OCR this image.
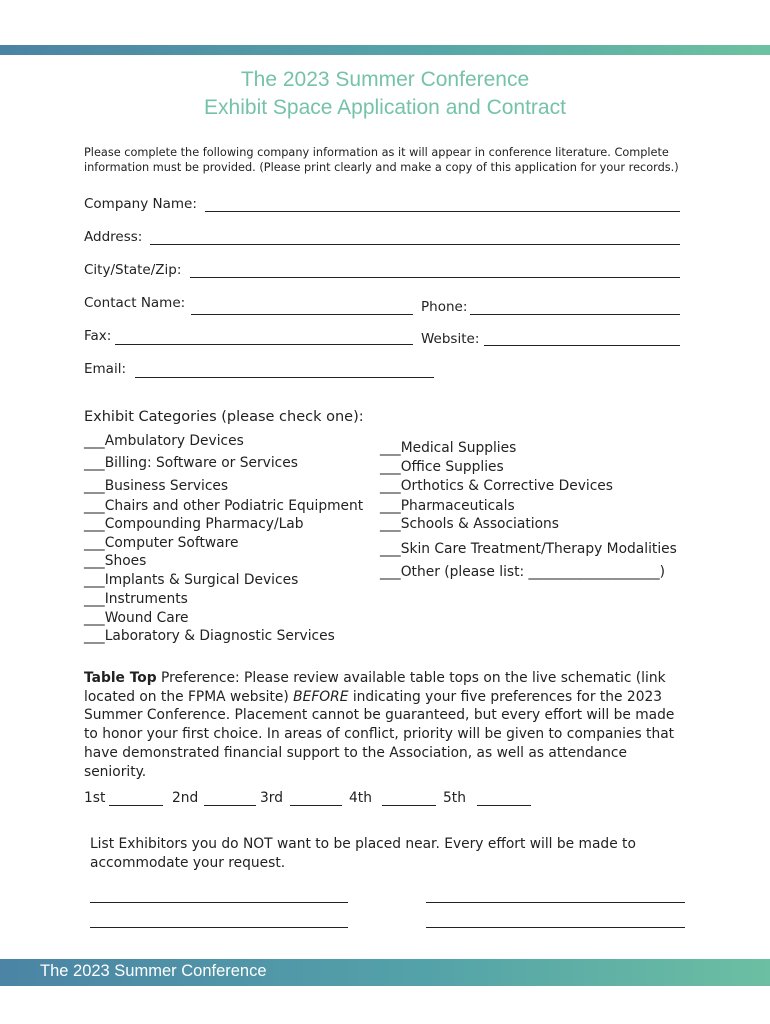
The 2023 Summer Conference
Exhibit Space Application and Contract
Please complete the following company information as it will appear in conference literature. Complete
information must be provided. (Please print clearly and make a copy of this application for your records.)
Company Name:
Address:
City/State/Zip:
Contact Name:	Phone:
Fax:	Website:
Email:
Exhibit Categories (please check one):
___Ambulatory Devices
___Billing: Software or Services
___Business Services
___Chairs and other Podiatric Equipment
___Compounding Pharmacy/Lab
___Computer Software
___Shoes
___Implants & Surgical Devices
___Instruments
___Wound Care
___Laboratory & Diagnostic Services
___Medical Supplies
___Office Supplies
___Orthotics & Corrective Devices
___Pharmaceuticals
___Schools & Associations
___Skin Care Treatment/Therapy Modalities
___Other (please list: ___________________)
Table Top Preference: Please review available table tops on the live schematic (link
located on the FPMA website) BEFORE indicating your five preferences for the 2023
Summer Conference. Placement cannot be guaranteed, but every effort will be made
to honor your first choice. In areas of conflict, priority will be given to companies that
have demonstrated financial support to the Association, as well as attendance
seniority.
1st	2nd	3rd	4th	5th
List Exhibitors you do NOT want to be placed near. Every effort will be made to
accommodate your request.
The 2023 Summer Conference
